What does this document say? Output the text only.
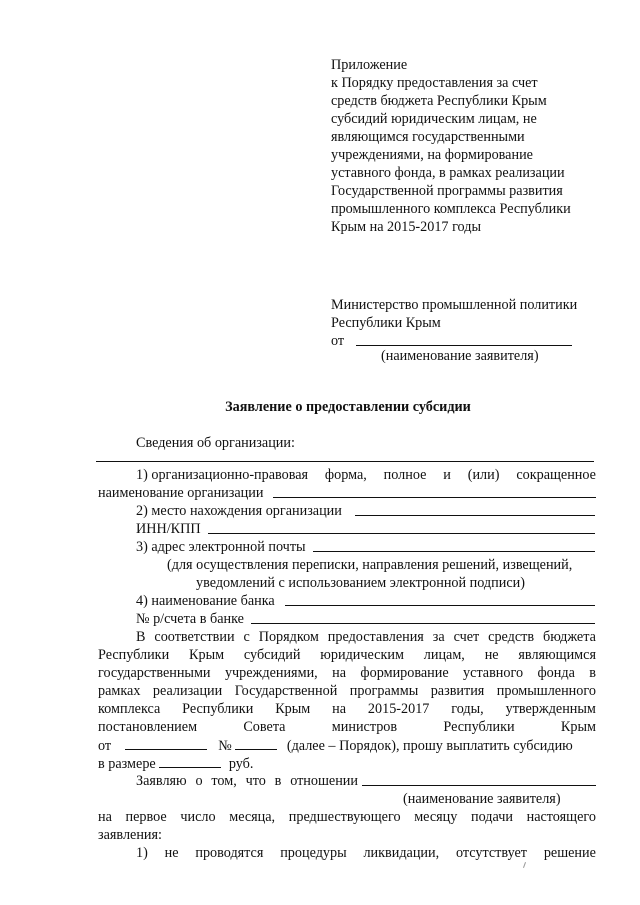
Приложение
к Порядку предоставления за счет
средств бюджета Республики Крым
субсидий юридическим лицам, не
являющимся государственными
учреждениями, на формирование
уставного фонда, в рамках реализации
Государственной программы развития
промышленного комплекса Республики
Крым на 2015-2017 годы
Министерство промышленной политики
Республики Крым
от
(наименование заявителя)
Заявление о предоставлении субсидии
Сведения об организации:
1) организационно-правовая форма, полное и (или) сокращенное
наименование организации
2) место нахождения организации
ИНН/КПП
3) адрес электронной почты
(для осуществления переписки, направления решений, извещений,
уведомлений с использованием электронной подписи)
4) наименование банка
№ р/счета в банке
В соответствии с Порядком предоставления за счет средств бюджета
Республики Крым субсидий юридическим лицам, не являющимся
государственными учреждениями, на формирование уставного фонда в
рамках реализации Государственной программы развития промышленного
комплекса Республики Крым на 2015-2017 годы, утвержденным
постановлением	Совета	министров	Республики	Крым
от	№	(далее – Порядок), прошу выплатить субсидию
в размере	руб.
Заявляю о том, что в отношении
(наименование заявителя)
на первое число месяца, предшествующего месяцу подачи настоящего
заявления:
1) не проводятся процедуры ликвидации, отсутствует решение
